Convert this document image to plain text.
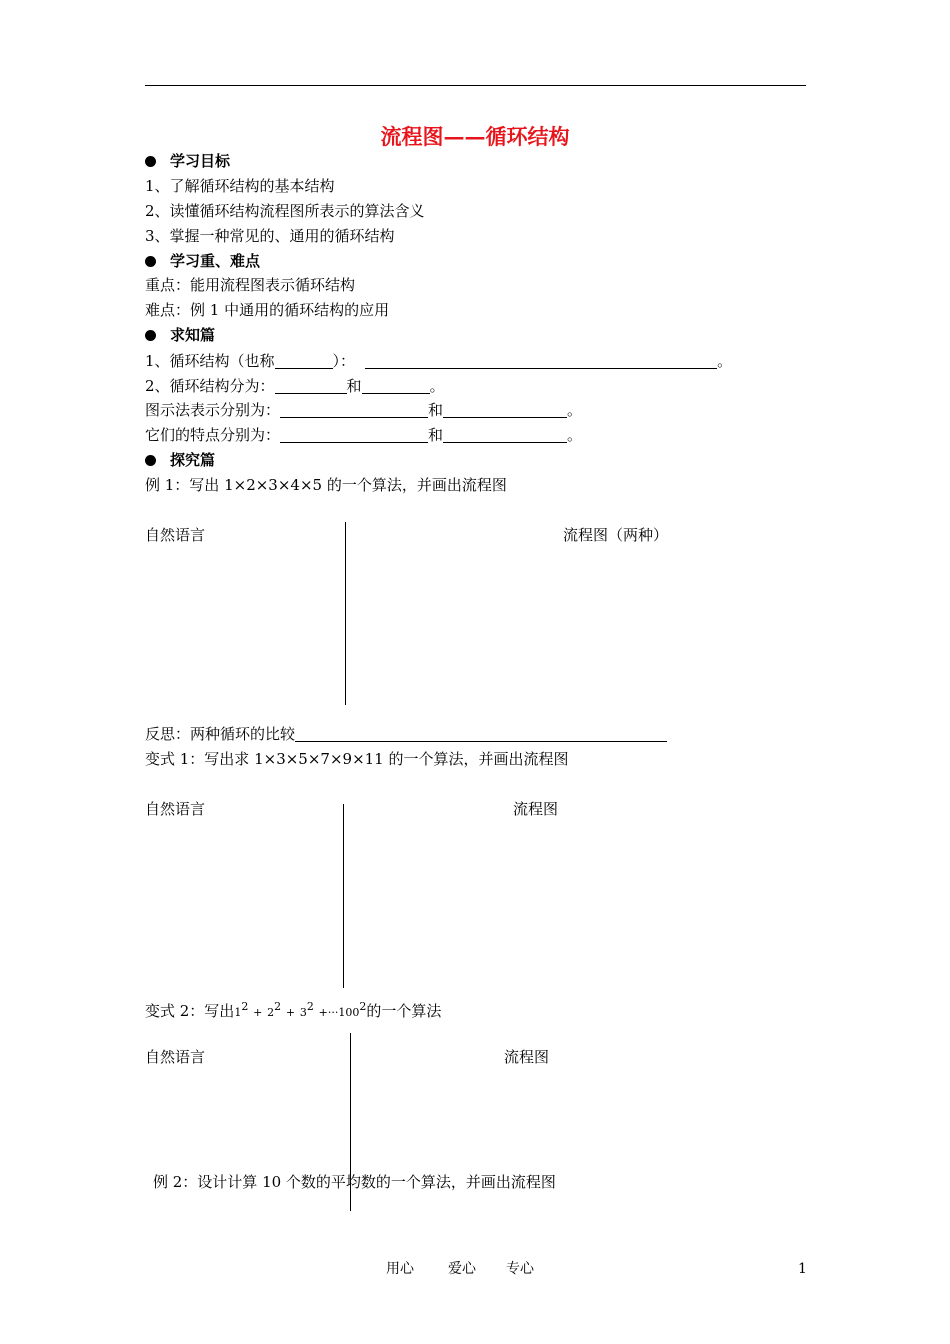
流程图——循环结构
学习目标
1、了解循环结构的基本结构
2、读懂循环结构流程图所表示的算法含义
3、掌握一种常见的、通用的循环结构
学习重、难点
重点：能用流程图表示循环结构
难点：例 1 中通用的循环结构的应用
求知篇
1、循环结构（也称	）：	。
2、循环结构分为：	和	。
图示法表示分别为：	和	。
它们的特点分别为：	和	。
探究篇
例 1：写出 1×2×3×4×5 的一个算法，并画出流程图
自然语言	流程图（两种）
反思：两种循环的比较
变式 1：写出求 1×3×5×7×9×11 的一个算法，并画出流程图
自然语言	流程图
变式 2：写出$1^2 + 2^2 + 3^2 +\cdot\cdot\cdot 100^2$的一个算法
自然语言	流程图
例 2：设计计算 10 个数的平均数的一个算法，并画出流程图
用心 爱心 专心	1
